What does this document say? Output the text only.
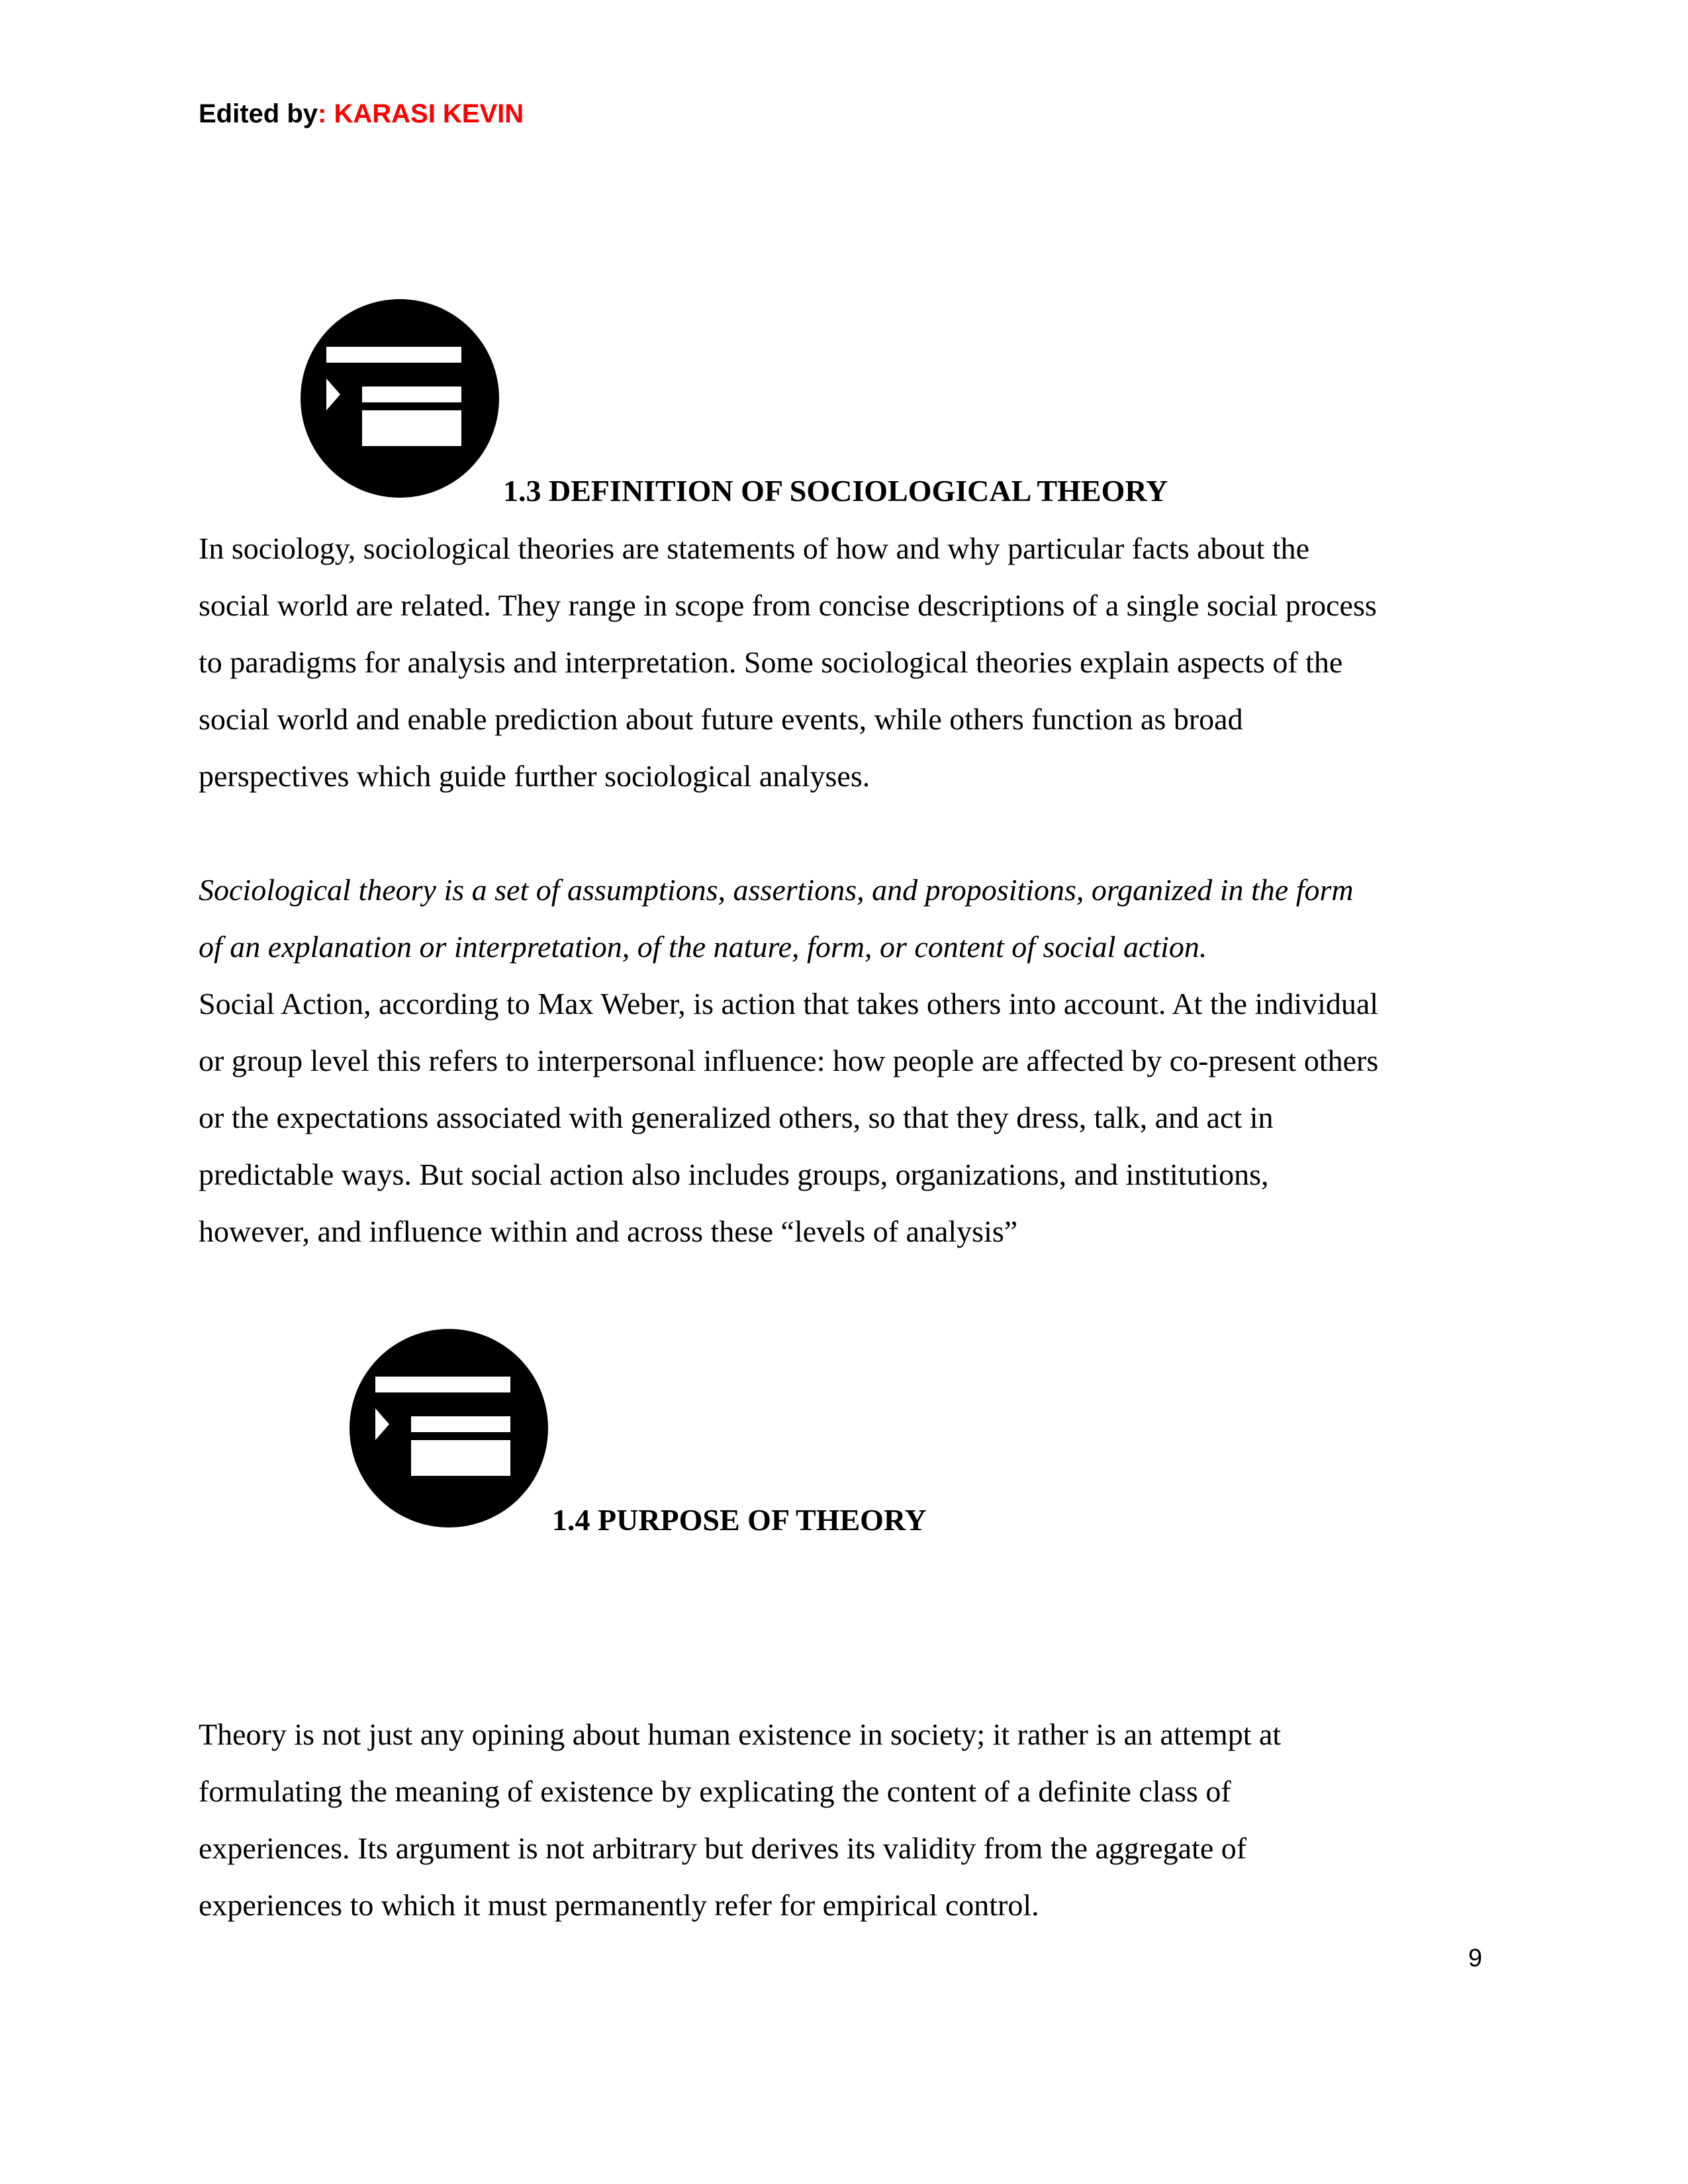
Edited by: KARASI KEVIN
1.3 DEFINITION OF SOCIOLOGICAL THEORY
In sociology, sociological theories are statements of how and why particular facts about the
social world are related. They range in scope from concise descriptions of a single social process
to paradigms for analysis and interpretation. Some sociological theories explain aspects of the
social world and enable prediction about future events, while others function as broad
perspectives which guide further sociological analyses.
Sociological theory is a set of assumptions, assertions, and propositions, organized in the form
of an explanation or interpretation, of the nature, form, or content of social action.
Social Action, according to Max Weber, is action that takes others into account. At the individual
or group level this refers to interpersonal influence: how people are affected by co-present others
or the expectations associated with generalized others, so that they dress, talk, and act in
predictable ways. But social action also includes groups, organizations, and institutions,
however, and influence within and across these “levels of analysis”
1.4 PURPOSE OF THEORY
Theory is not just any opining about human existence in society; it rather is an attempt at
formulating the meaning of existence by explicating the content of a definite class of
experiences. Its argument is not arbitrary but derives its validity from the aggregate of
experiences to which it must permanently refer for empirical control.
9
